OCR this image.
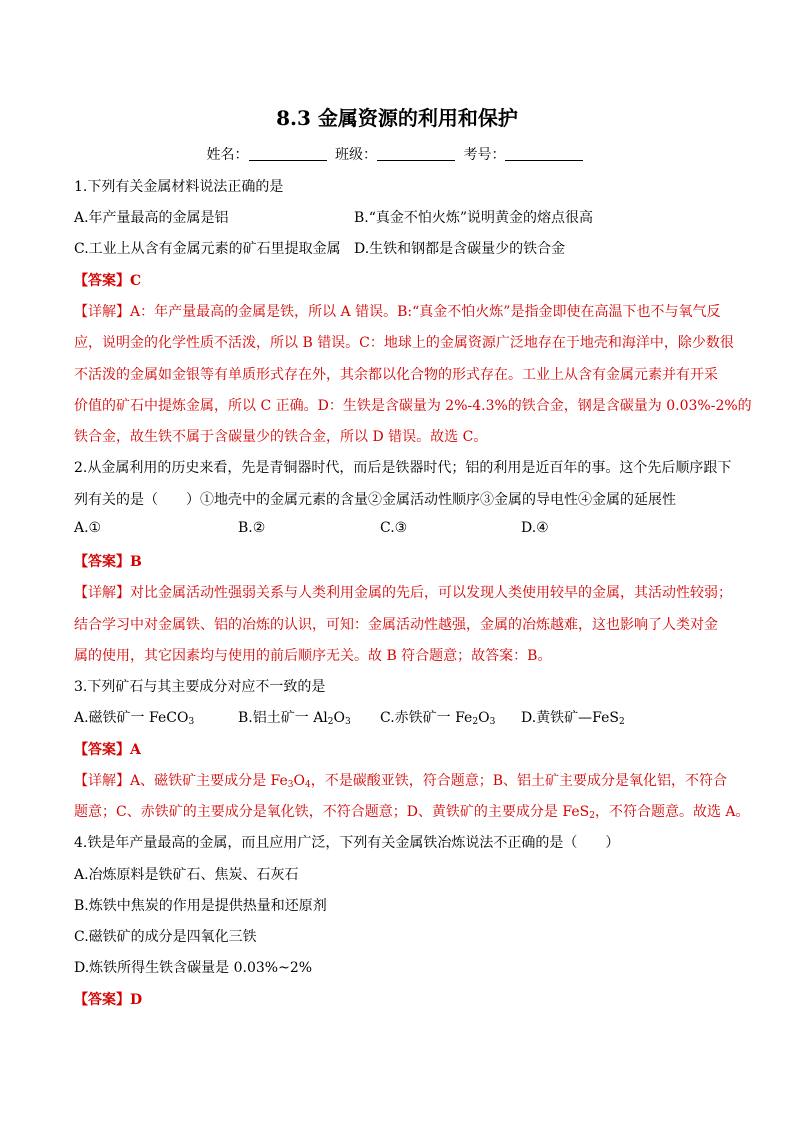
8.3 金属资源的利用和保护
姓名：	班级：	考号：
1.下列有关金属材料说法正确的是
A.年产量最高的金属是铝	B.“真金不怕火炼”说明黄金的熔点很高
C.工业上从含有金属元素的矿石里提取金属 D.生铁和钢都是含碳量少的铁合金
【答案】C
【详解】A：年产量最高的金属是铁，所以 A 错误。B:“真金不怕火炼”是指金即使在高温下也不与氧气反
应，说明金的化学性质不活泼，所以 B 错误。C：地球上的金属资源广泛地存在于地壳和海洋中，除少数很
不活泼的金属如金银等有单质形式存在外，其余都以化合物的形式存在。工业上从含有金属元素并有开采
价值的矿石中提炼金属，所以 C 正确。D：生铁是含碳量为 2%-4.3%的铁合金，钢是含碳量为 0.03%-2%的
铁合金，故生铁不属于含碳量少的铁合金，所以 D 错误。故选 C。
2.从金属利用的历史来看，先是青铜器时代，而后是铁器时代；铝的利用是近百年的事。这个先后顺序跟下
列有关的是（　　）①地壳中的金属元素的含量②金属活动性顺序③金属的导电性④金属的延展性
A.①	B.②	C.③	D.④
【答案】B
【详解】对比金属活动性强弱关系与人类利用金属的先后，可以发现人类使用较早的金属，其活动性较弱；
结合学习中对金属铁、铝的冶炼的认识，可知：金属活动性越强，金属的冶炼越难，这也影响了人类对金
属的使用，其它因素均与使用的前后顺序无关。故 B 符合题意；故答案：B。
3.下列矿石与其主要成分对应不一致的是
A.磁铁矿一 FeCO$_3$	B.铝土矿一 $Al_2O_3$ C.赤铁矿一 $Fe_2O_3$ D.黄铁矿—FeS$_2$
【答案】A
【详解】A、磁铁矿主要成分是 $Fe_3O_4$，不是碳酸亚铁，符合题意；B、铝土矿主要成分是氧化铝，不符合
题意；C、赤铁矿的主要成分是氧化铁，不符合题意；D、黄铁矿的主要成分是 FeS$_2$，不符合题意。故选 A。
4.铁是年产量最高的金属，而且应用广泛，下列有关金属铁冶炼说法不正确的是（　　）
A.冶炼原料是铁矿石、焦炭、石灰石
B.炼铁中焦炭的作用是提供热量和还原剂
C.磁铁矿的成分是四氧化三铁
D.炼铁所得生铁含碳量是 0.03%~2%
【答案】D
